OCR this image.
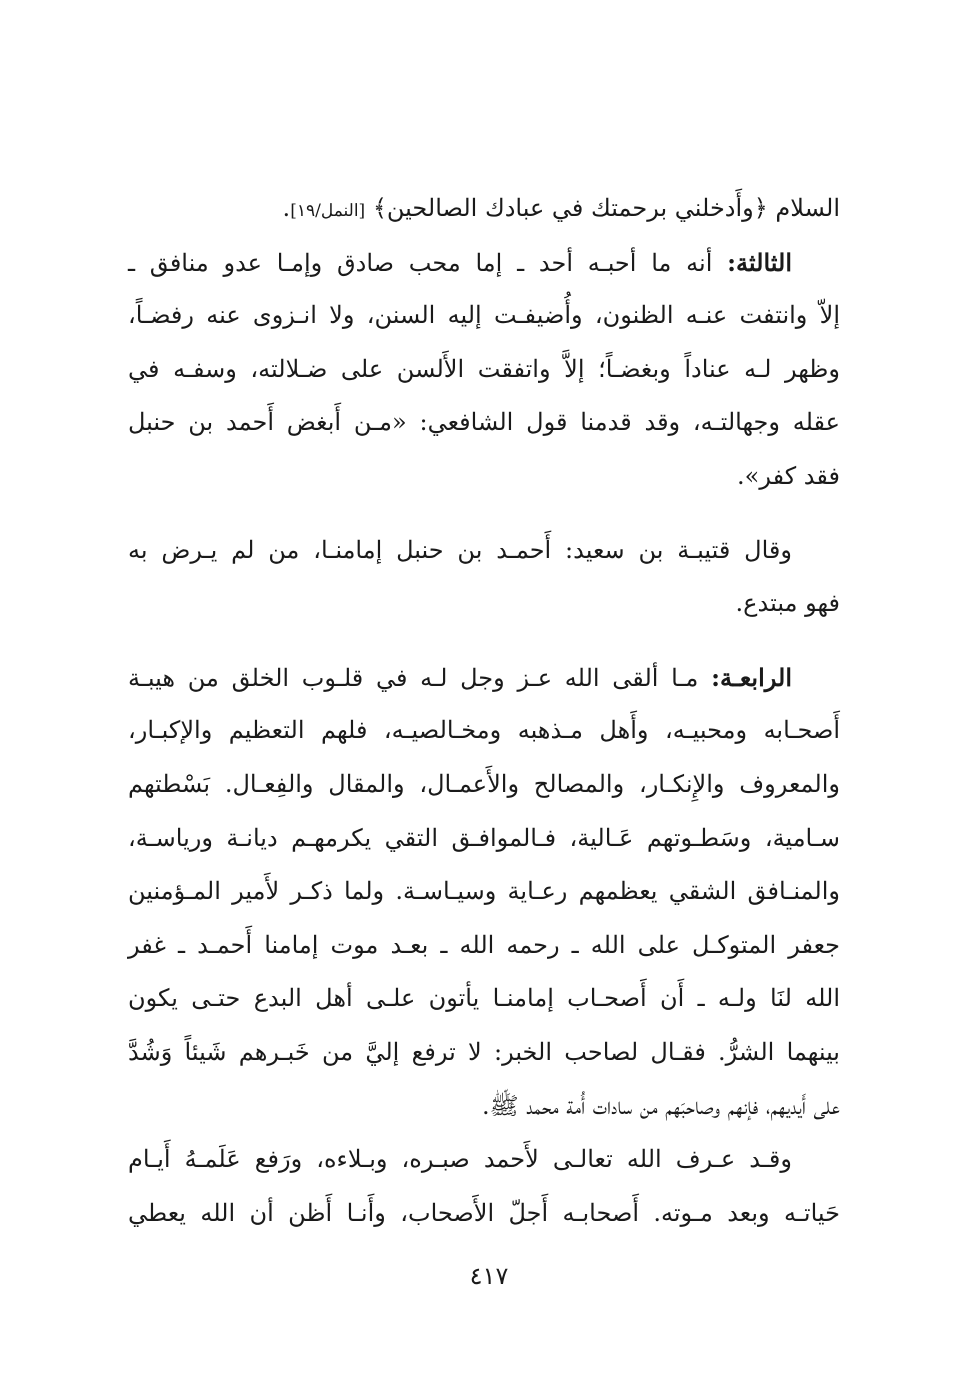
السلام ﴿وأَدخلني برحمتك في عبادك الصالحين﴾ [النمل/١٩].
  الثالثة: أنه ما أحبـه أحد ـ إما محب صادق وإمـا عدو منافق ـ
إلاّ وانتفت عنـه الظنون، وأُضيفـت إليه السنن، ولا انـزوى عنه رفضـاً،
وظهر لـه عناداً وبغضـاً؛ إلاَّ واتفقت الأَلسن على ضـلالته، وسفـه في
عقله وجهالتـه، وقد قدمنا قول الشافعي: «مـن أَبغض أَحمد بن حنبل
فقد كفر».
  وقال قتيبـة بن سعيد: أَحمـد بن حنبل إمامنـا، من لم يـرض به
فهو مبتدع.
  الرابعـة: مـا ألقى الله عـز وجل لـه في قلـوب الخلق من هيبـة
أَصحـابه ومحبيـه، وأَهل مـذهبه ومخـالصيـه، فلهم التعظيم والإكبـار،
والمعروف والإِنكـار، والمصالح والأَعمـال، والمقال والفِعـال. بَسْطتهم
سـامية، وسَطـوتهم عَـالية، فـالموافـق التقي يكرمهـم ديانـة ورياسـة،
والمنـافق الشقي يعظمهم رعـاية وسيـاسـة. ولما ذكـر لأَمير المـؤمنين
جعفر المتوكـل على الله ـ رحمه الله ـ بعـد موت إمامنا أَحمـد ـ غفر
الله لنَا ولـه ـ أَن أَصحـاب إمامنـا يأتون علـى أهل البدع حتـى يكون
بينهما الشرُّ. فقـال لصاحب الخبر: لا ترفع إليَّ من خَبـرهم شَيئاً وَشُدَّ
على أَيديهم، فإنهم وصاحبَهم من سادات أُمة محمد ﷺ.
  وقـد عـرف الله تعالـى لأَحمد صبـره، وبـلاءه، ورَفع عَلَمـهُ أَيـام
حَياتـه وبعد مـوته. أَصحابـه أَجلّ الأَصحاب، وأَنـا أَظن أن الله يعطي
٤١٧
